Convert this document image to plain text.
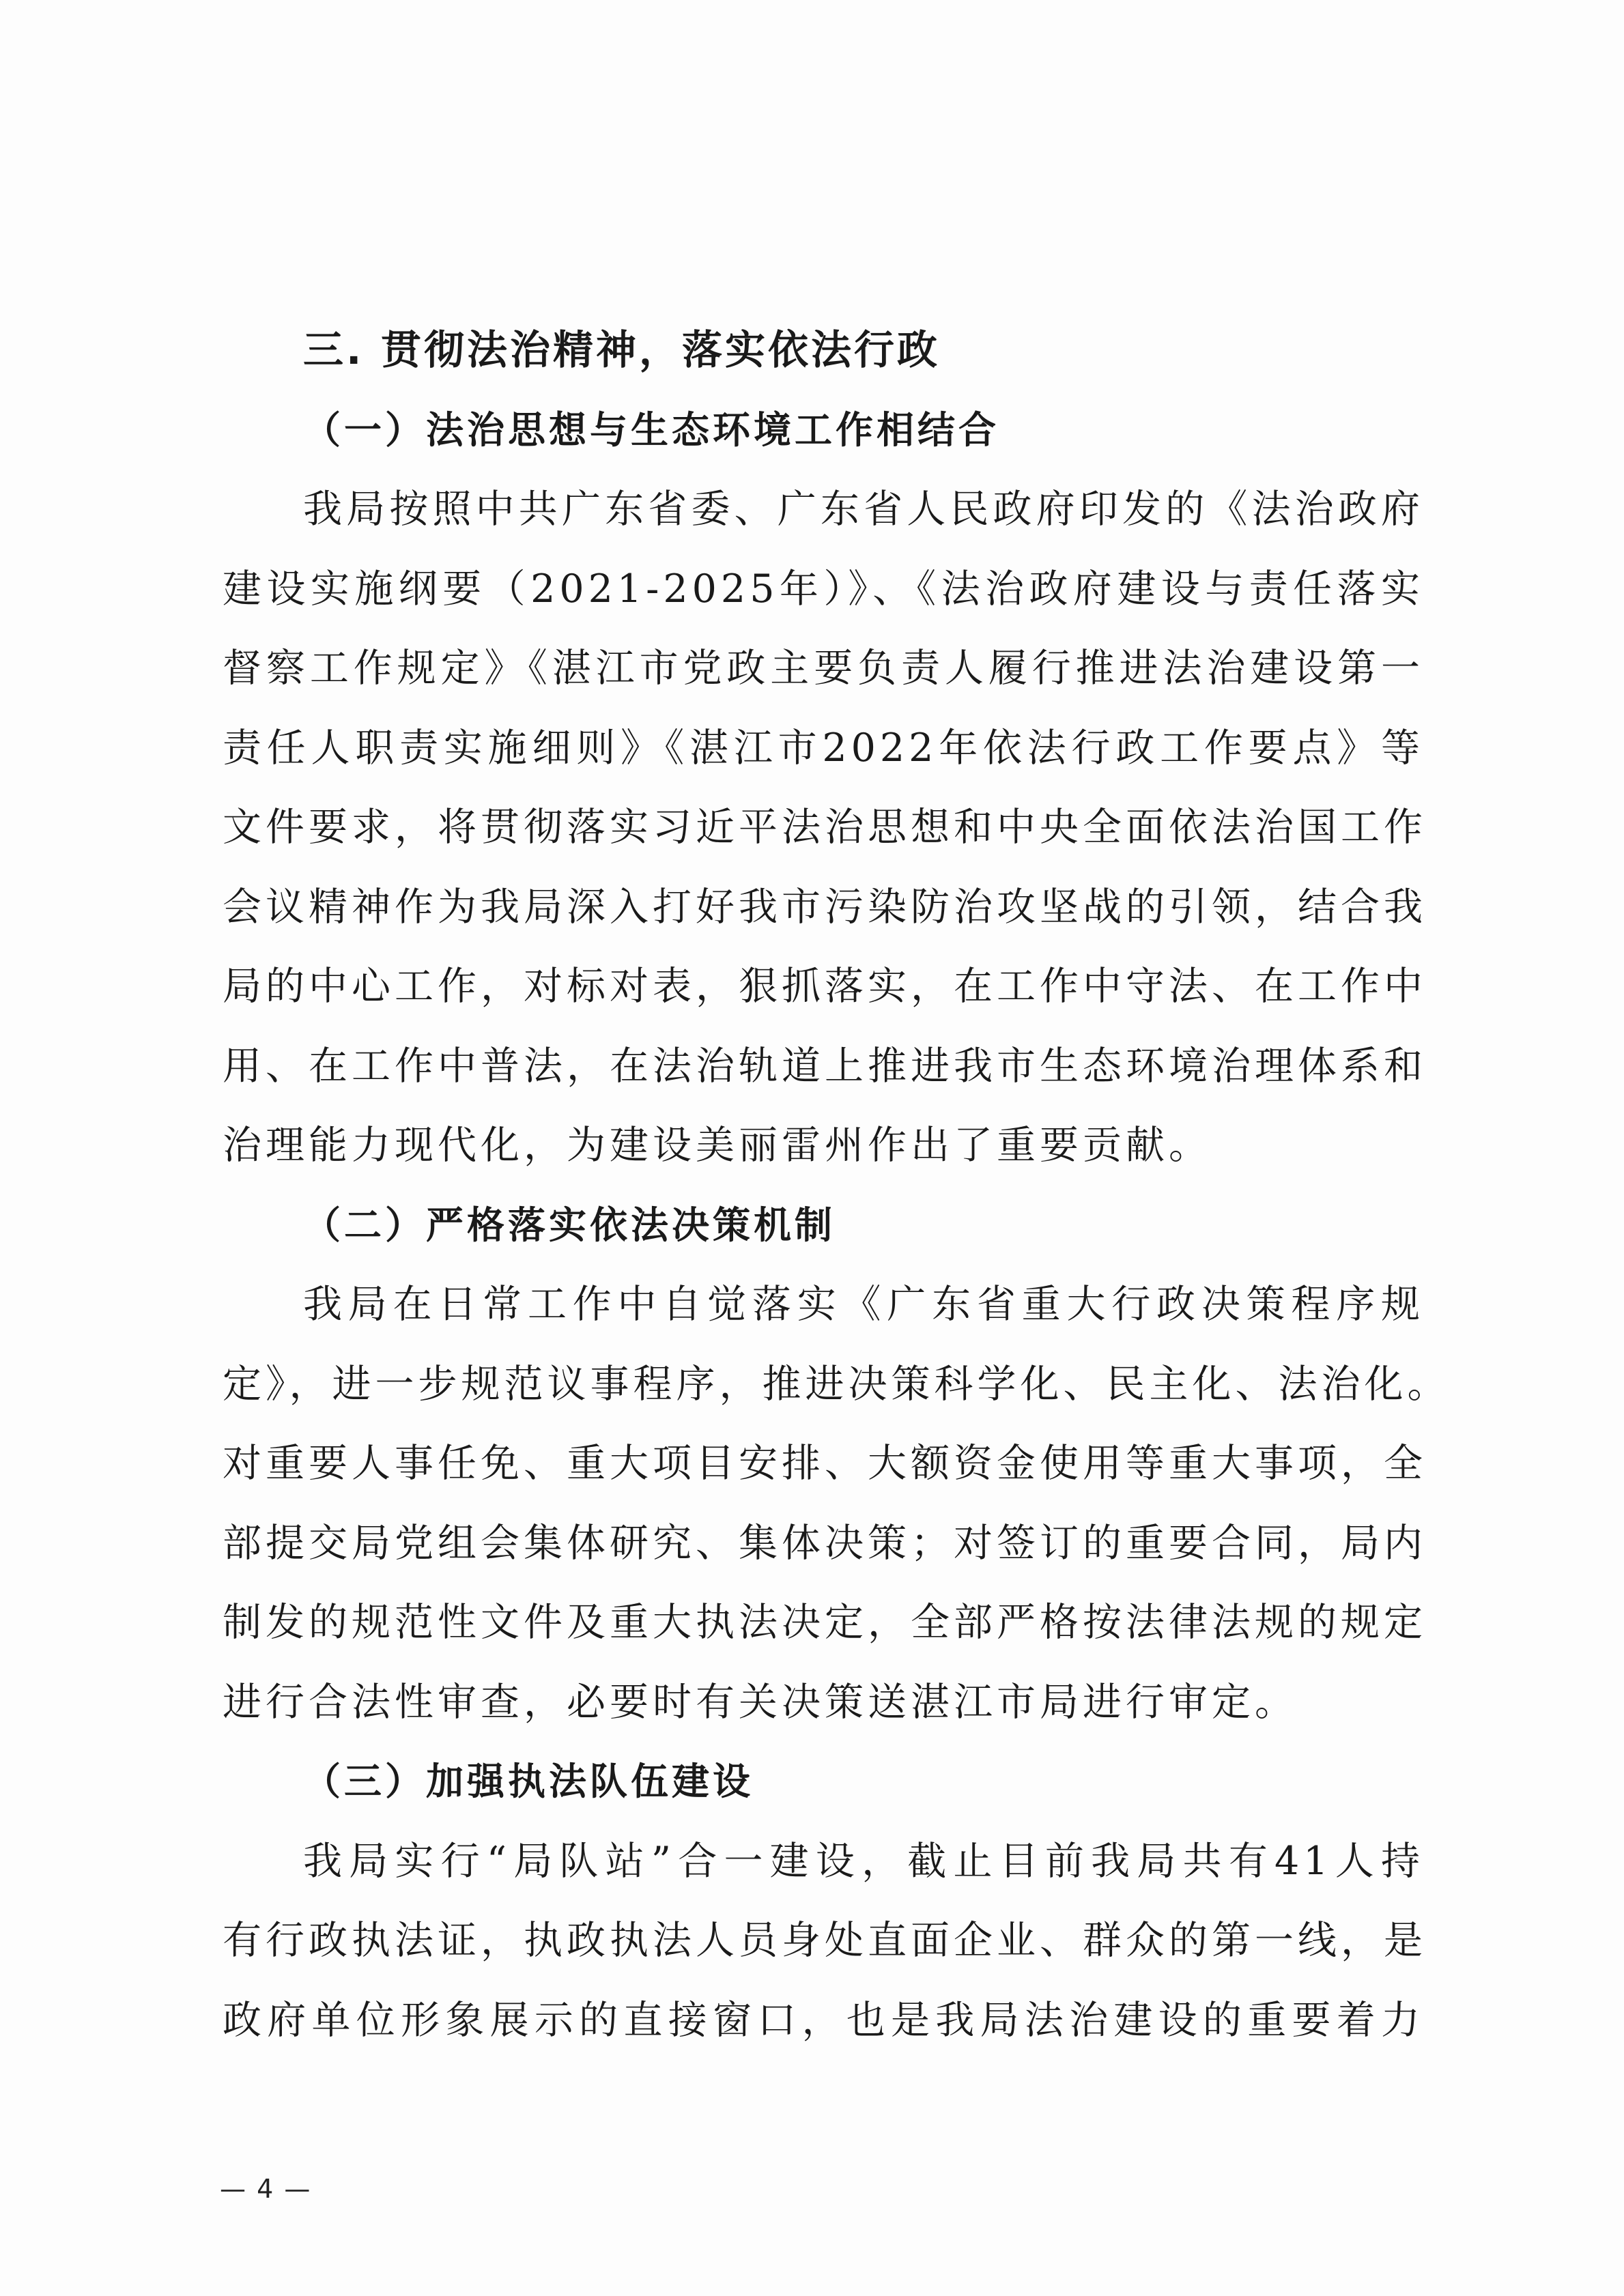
三. 贯彻法治精神，落实依法行政
（一）法治思想与生态环境工作相结合
我局按照中共广东省委、广东省人民政府印发的《法治政府
建设实施纲要（2021-2025年）》、《法治政府建设与责任落实
督察工作规定》《湛江市党政主要负责人履行推进法治建设第一
责任人职责实施细则》《湛江市2022年依法行政工作要点》等
文件要求，将贯彻落实习近平法治思想和中央全面依法治国工作
会议精神作为我局深入打好我市污染防治攻坚战的引领，结合我
局的中心工作，对标对表，狠抓落实，在工作中守法、在工作中
用、在工作中普法，在法治轨道上推进我市生态环境治理体系和
治理能力现代化，为建设美丽雷州作出了重要贡献。
（二）严格落实依法决策机制
我局在日常工作中自觉落实《广东省重大行政决策程序规
定》，进一步规范议事程序，推进决策科学化、民主化、法治化。
对重要人事任免、重大项目安排、大额资金使用等重大事项，全
部提交局党组会集体研究、集体决策；对签订的重要合同，局内
制发的规范性文件及重大执法决定，全部严格按法律法规的规定
进行合法性审查，必要时有关决策送湛江市局进行审定。
（三）加强执法队伍建设
我局实行“局队站”合一建设，截止目前我局共有41人持
有行政执法证，执政执法人员身处直面企业、群众的第一线，是
政府单位形象展示的直接窗口，也是我局法治建设的重要着力
— 4 —
